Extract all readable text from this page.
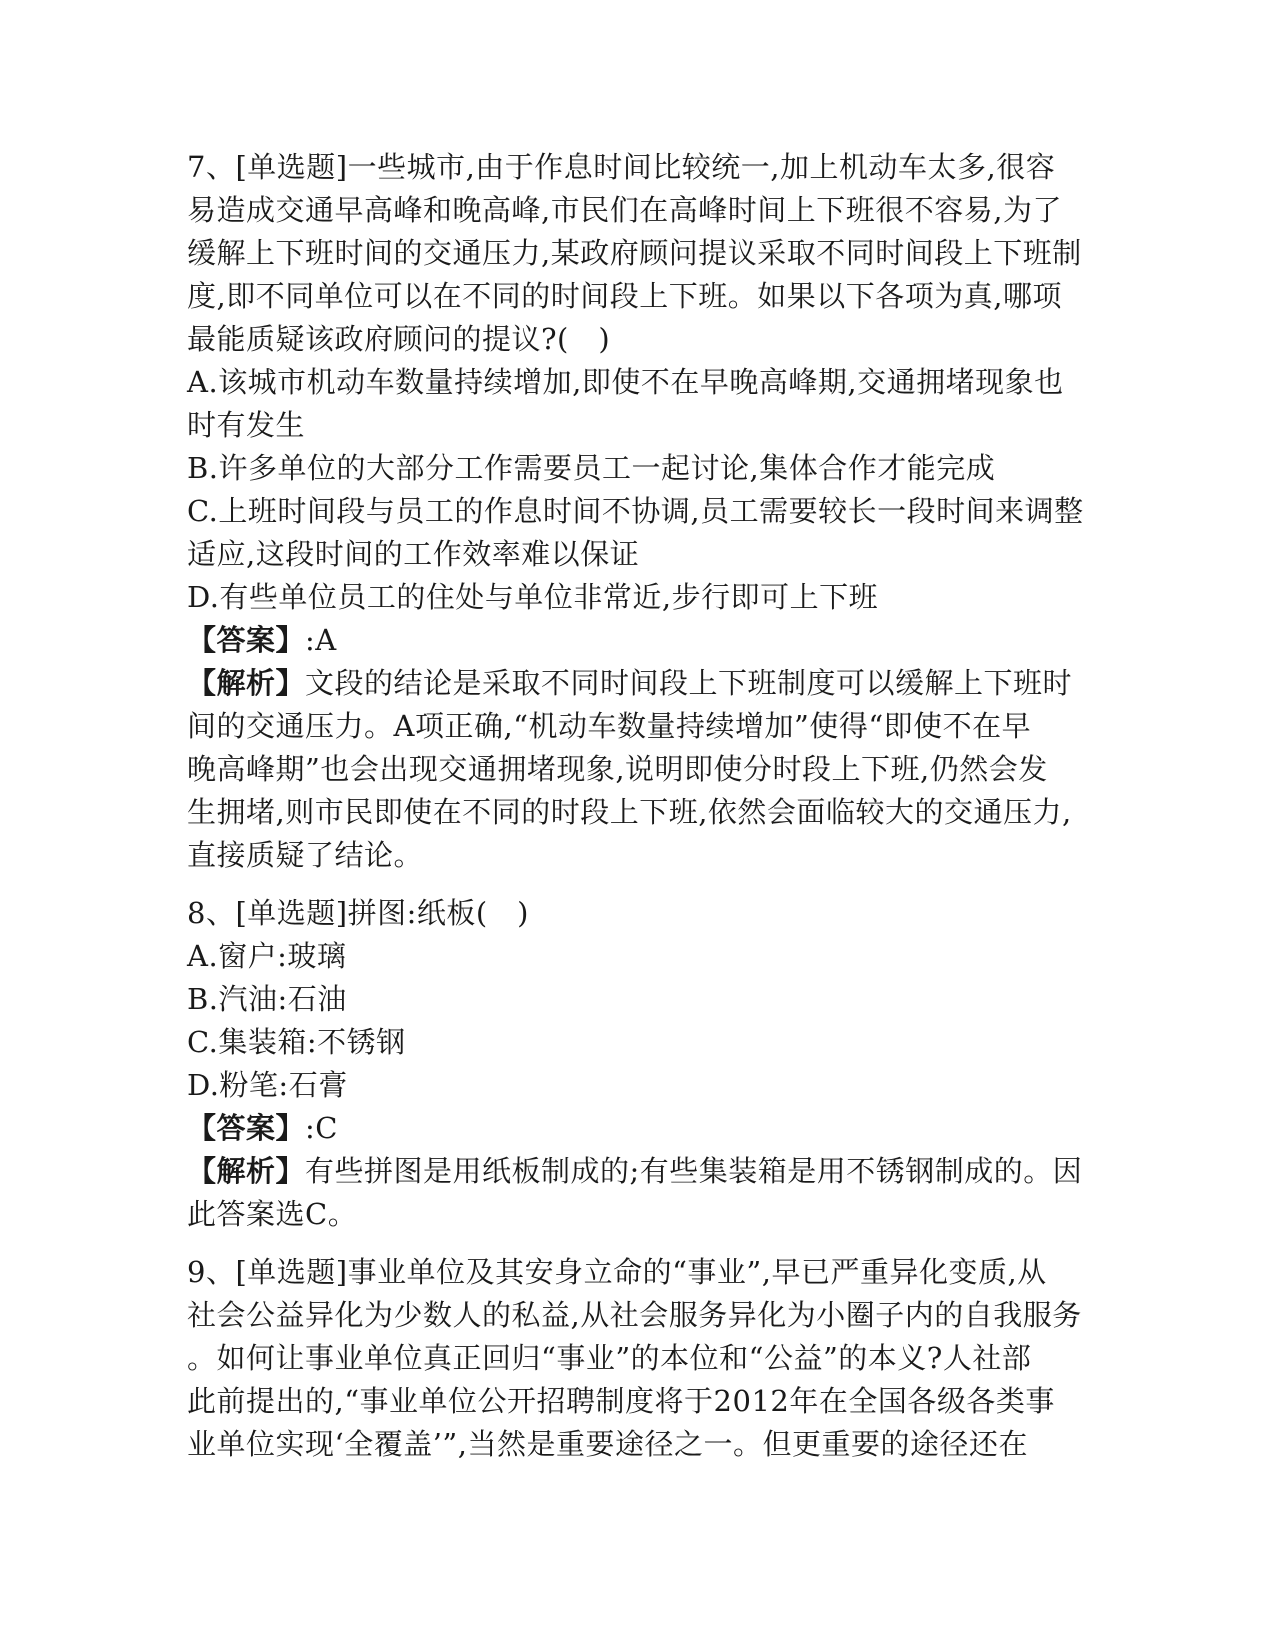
7、[单选题]一些城市,由于作息时间比较统一,加上机动车太多,很容
易造成交通早高峰和晚高峰,市民们在高峰时间上下班很不容易,为了
缓解上下班时间的交通压力,某政府顾问提议采取不同时间段上下班制
度,即不同单位可以在不同的时间段上下班。如果以下各项为真,哪项
最能质疑该政府顾问的提议?(　)
A.该城市机动车数量持续增加,即使不在早晚高峰期,交通拥堵现象也
时有发生
B.许多单位的大部分工作需要员工一起讨论,集体合作才能完成
C.上班时间段与员工的作息时间不协调,员工需要较长一段时间来调整
适应,这段时间的工作效率难以保证
D.有些单位员工的住处与单位非常近,步行即可上下班
【答案】:A
【解析】文段的结论是采取不同时间段上下班制度可以缓解上下班时
间的交通压力。A项正确,“机动车数量持续增加”使得“即使不在早
晚高峰期”也会出现交通拥堵现象,说明即使分时段上下班,仍然会发
生拥堵,则市民即使在不同的时段上下班,依然会面临较大的交通压力,
直接质疑了结论。
8、[单选题]拼图:纸板(　)
A.窗户:玻璃
B.汽油:石油
C.集装箱:不锈钢
D.粉笔:石膏
【答案】:C
【解析】有些拼图是用纸板制成的;有些集装箱是用不锈钢制成的。因
此答案选C。
9、[单选题]事业单位及其安身立命的“事业”,早已严重异化变质,从
社会公益异化为少数人的私益,从社会服务异化为小圈子内的自我服务
。如何让事业单位真正回归“事业”的本位和“公益”的本义?人社部
此前提出的,“事业单位公开招聘制度将于2012年在全国各级各类事
业单位实现‘全覆盖’”,当然是重要途径之一。但更重要的途径还在
